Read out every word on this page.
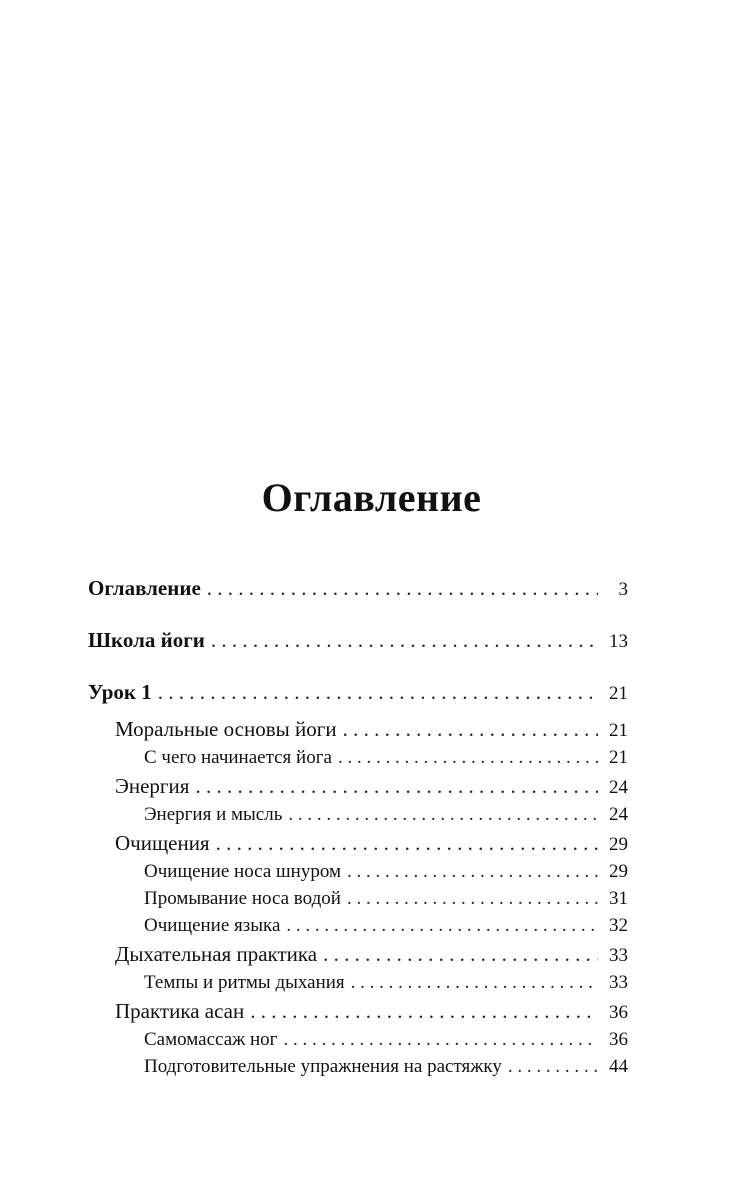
Оглавление
Оглавление . . .	3
Школа йоги . . .	13
Урок 1 . . .	21
Моральные основы йоги . . .	21
С чего начинается йога . . .	21
Энергия . . .	24
Энергия и мысль . . .	24
Очищения . . .	29
Очищение носа шнуром . . .	29
Промывание носа водой . . .	31
Очищение языка . . .	32
Дыхательная практика . . .	33
Темпы и ритмы дыхания . . .	33
Практика асан . . .	36
Самомассаж ног . . .	36
Подготовительные упражнения на растяжку . . .	44
